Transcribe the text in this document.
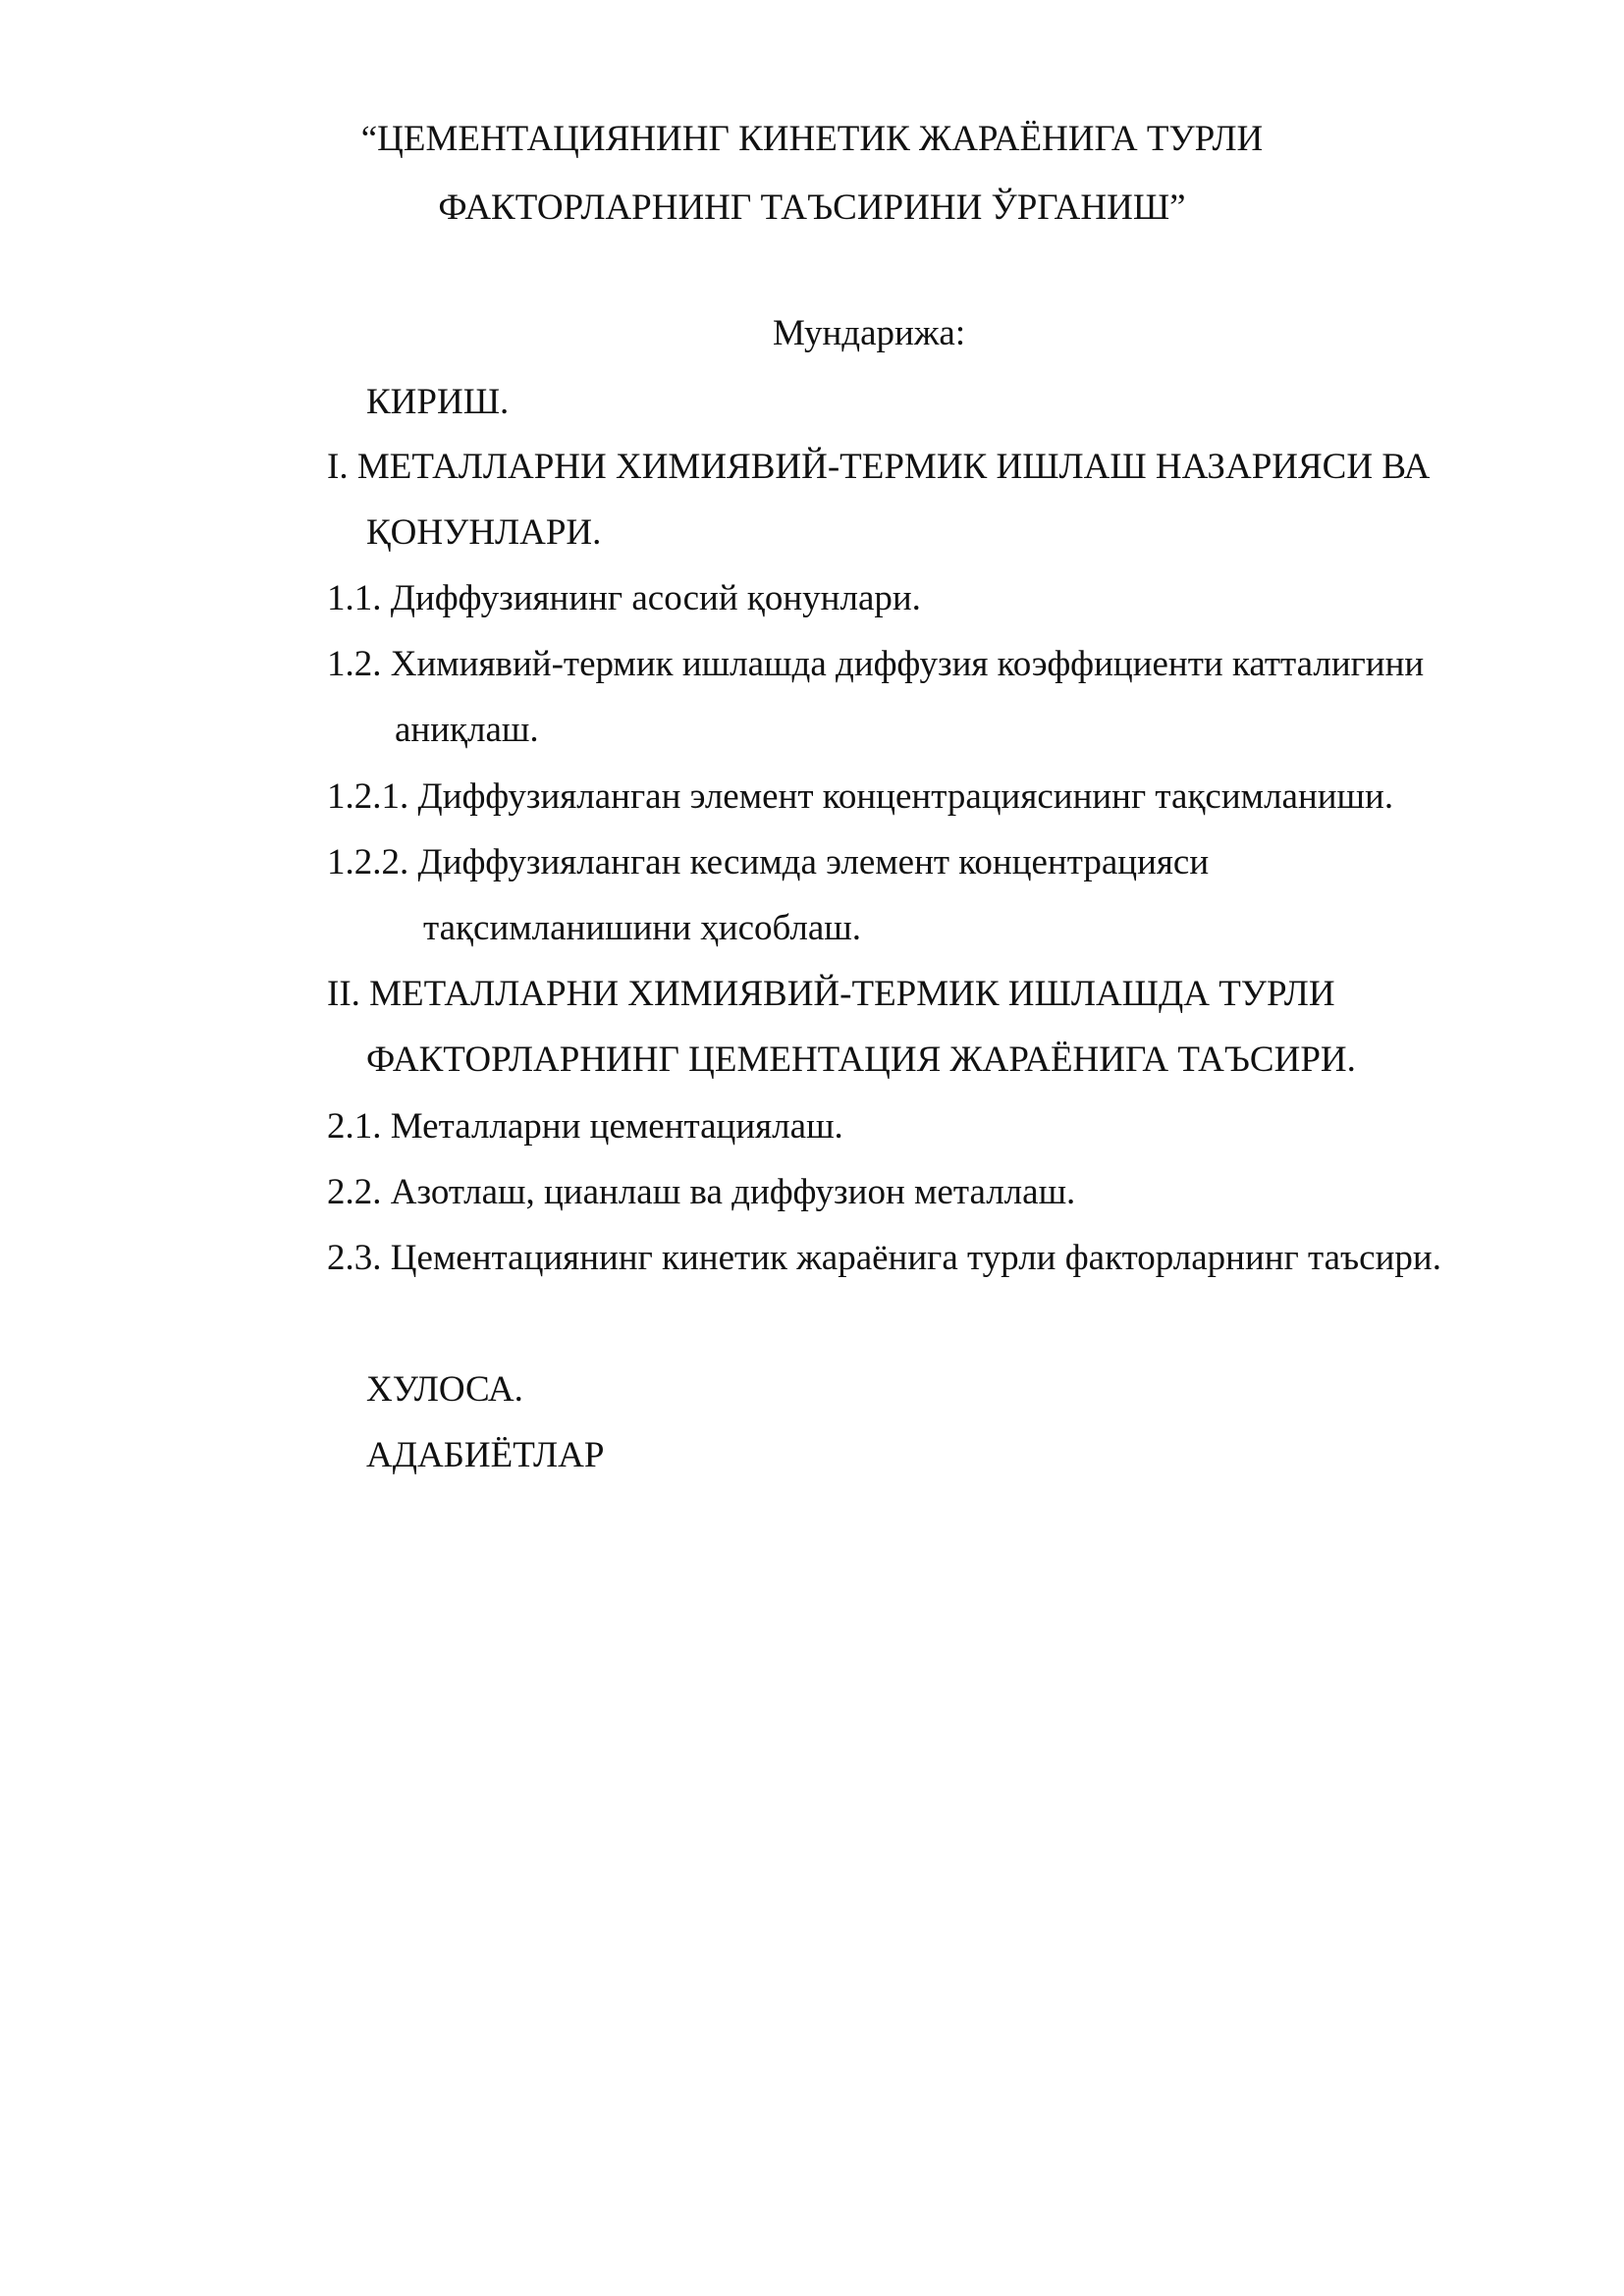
“ЦЕМЕНТАЦИЯНИНГ КИНЕТИК ЖАРАЁНИГА ТУРЛИ
ФАКТОРЛАРНИНГ ТАЪСИРИНИ ЎРГАНИШ”
Мундарижа:
КИРИШ.
I. МЕТАЛЛАРНИ ХИМИЯВИЙ-ТЕРМИК ИШЛАШ НАЗАРИЯСИ ВА
ҚОНУНЛАРИ.
1.1. Диффузиянинг асосий қонунлари.
1.2. Химиявий-термик ишлашда диффузия коэффициенти катталигини
аниқлаш.
1.2.1. Диффузияланган элемент концентрациясининг тақсимланиши.
1.2.2. Диффузияланган кесимда элемент концентрацияси
тақсимланишини ҳисоблаш.
II. МЕТАЛЛАРНИ ХИМИЯВИЙ-ТЕРМИК ИШЛАШДА ТУРЛИ
ФАКТОРЛАРНИНГ ЦЕМЕНТАЦИЯ ЖАРАЁНИГА ТАЪСИРИ.
2.1. Металларни цементациялаш.
2.2. Азотлаш, цианлаш ва диффузион металлаш.
2.3. Цементациянинг кинетик жараёнига турли факторларнинг таъсири.
ХУЛОСА.
АДАБИЁТЛАР
